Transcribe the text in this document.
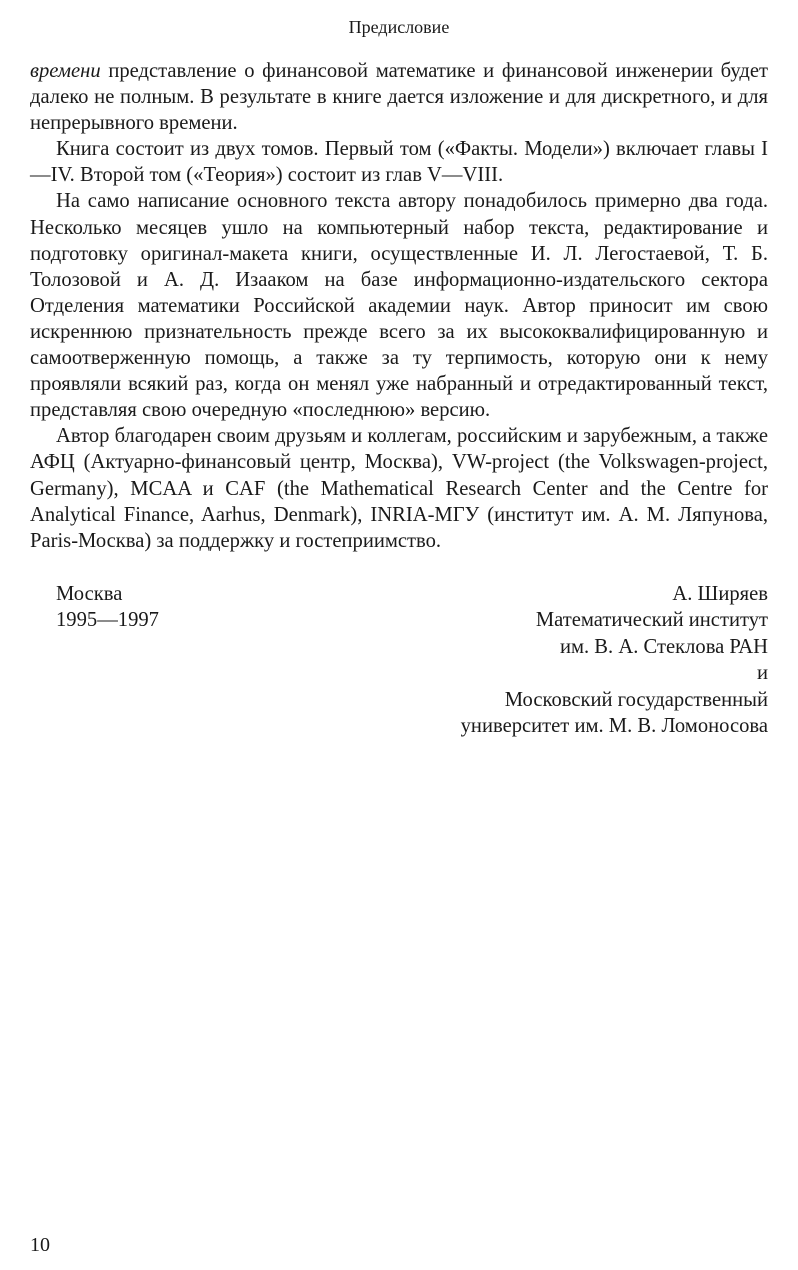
Предисловие

времени представление о финансовой математике и финансовой инженерии будет далеко не полным. В результате в книге дается изложение и для дискретного, и для непрерывного времени.

Книга состоит из двух томов. Первый том («Факты. Модели») включает главы I—IV. Второй том («Теория») состоит из глав V—VIII.

На само написание основного текста автору понадобилось примерно два года. Несколько месяцев ушло на компьютерный набор текста, редактирование и подготовку оригинал-макета книги, осуществленные И. Л. Легостаевой, Т. Б. Толозовой и А. Д. Изааком на базе информационно-издательского сектора Отделения математики Российской академии наук. Автор приносит им свою искреннюю признательность прежде всего за их высококвалифицированную и самоотверженную помощь, а также за ту терпимость, которую они к нему проявляли всякий раз, когда он менял уже набранный и отредактированный текст, представляя свою очередную «последнюю» версию.

Автор благодарен своим друзьям и коллегам, российским и зарубежным, а также АФЦ (Актуарно-финансовый центр, Москва), VW-project (the Volkswagen-project, Germany), MCAA и CAF (the Mathematical Research Center and the Centre for Analytical Finance, Aarhus, Denmark), INRIA-МГУ (институт им. А. М. Ляпунова, Paris-Москва) за поддержку и гостеприимство.

Москва
1995—1997
А. Ширяев
Математический институт
им. В. А. Стеклова РАН
и
Московский государственный
университет им. М. В. Ломоносова
10
